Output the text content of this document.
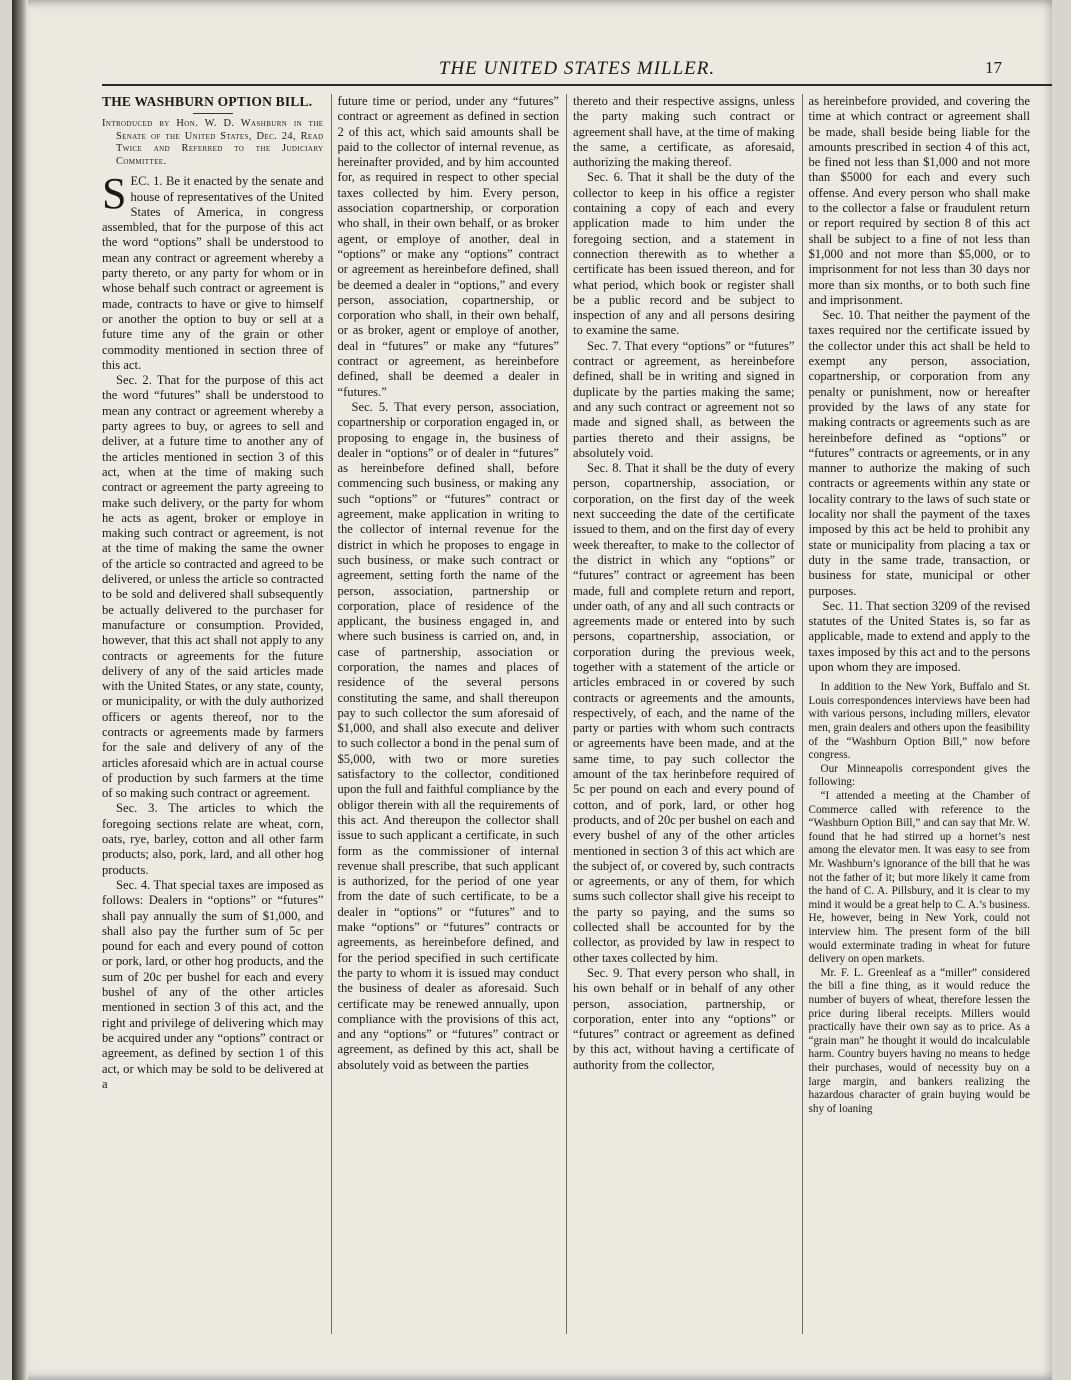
THE UNITED STATES MILLER.	17
THE WASHBURN OPTION BILL.
Introduced by Hon. W. D. Washburn in the Senate of the United States, Dec. 24, Read Twice and Referred to the Judiciary Committee.
S EC. 1. Be it enacted by the senate and house of representatives of the United States of America, in congress assembled, that for the purpose of this act the word “options” shall be understood to mean any contract or agreement whereby a party thereto, or any party for whom or in whose behalf such contract or agreement is made, contracts to have or give to himself or another the option to buy or sell at a future time any of the grain or other commodity mentioned in section three of this act.

Sec. 2. That for the purpose of this act the word “futures” shall be understood to mean any contract or agreement whereby a party agrees to buy, or agrees to sell and deliver, at a future time to another any of the articles mentioned in section 3 of this act, when at the time of making such contract or agreement the party agreeing to make such delivery, or the party for whom he acts as agent, broker or employe in making such contract or agreement, is not at the time of making the same the owner of the article so contracted and agreed to be delivered, or unless the article so contracted to be sold and delivered shall subsequently be actually delivered to the purchaser for manufacture or consumption. Provided, however, that this act shall not apply to any contracts or agreements for the future delivery of any of the said articles made with the United States, or any state, county, or municipality, or with the duly authorized officers or agents thereof, nor to the contracts or agreements made by farmers for the sale and delivery of any of the articles aforesaid which are in actual course of production by such farmers at the time of so making such contract or agreement.

Sec. 3. The articles to which the foregoing sections relate are wheat, corn, oats, rye, barley, cotton and all other farm products; also, pork, lard, and all other hog products.

Sec. 4. That special taxes are imposed as follows: Dealers in “options” or “futures” shall pay annually the sum of $1,000, and shall also pay the further sum of 5c per pound for each and every pound of cotton or pork, lard, or other hog products, and the sum of 20c per bushel for each and every bushel of any of the other articles mentioned in section 3 of this act, and the right and privilege of delivering which may be acquired under any “options” contract or agreement, as defined by section 1 of this act, or which may be sold to be delivered at a

future time or period, under any “futures” contract or agreement as defined in section 2 of this act, which said amounts shall be paid to the collector of internal revenue, as hereinafter provided, and by him accounted for, as required in respect to other special taxes collected by him. Every person, association copartnership, or corporation who shall, in their own behalf, or as broker agent, or employe of another, deal in “options” or make any “options” contract or agreement as hereinbefore defined, shall be deemed a dealer in “options,” and every person, association, copartnership, or corporation who shall, in their own behalf, or as broker, agent or employe of another, deal in “futures” or make any “futures” contract or agreement, as hereinbefore defined, shall be deemed a dealer in “futures.”

Sec. 5. That every person, association, copartnership or corporation engaged in, or proposing to engage in, the business of dealer in “options” or of dealer in “futures” as hereinbefore defined shall, before commencing such business, or making any such “options” or “futures” contract or agreement, make application in writing to the collector of internal revenue for the district in which he proposes to engage in such business, or make such contract or agreement, setting forth the name of the person, association, partnership or corporation, place of residence of the applicant, the business engaged in, and where such business is carried on, and, in case of partnership, association or corporation, the names and places of residence of the several persons constituting the same, and shall thereupon pay to such collector the sum aforesaid of $1,000, and shall also execute and deliver to such collector a bond in the penal sum of $5,000, with two or more sureties satisfactory to the collector, conditioned upon the full and faithful compliance by the obligor therein with all the requirements of this act. And thereupon the collector shall issue to such applicant a certificate, in such form as the commissioner of internal revenue shall prescribe, that such applicant is authorized, for the period of one year from the date of such certificate, to be a dealer in “options” or “futures” and to make “options” or “futures” contracts or agreements, as hereinbefore defined, and for the period specified in such certificate the party to whom it is issued may conduct the business of dealer as aforesaid. Such certificate may be renewed annually, upon compliance with the provisions of this act, and any “options” or “futures” contract or agreement, as defined by this act, shall be absolutely void as between the parties

thereto and their respective assigns, unless the party making such contract or agreement shall have, at the time of making the same, a certificate, as aforesaid, authorizing the making thereof.

Sec. 6. That it shall be the duty of the collector to keep in his office a register containing a copy of each and every application made to him under the foregoing section, and a statement in connection therewith as to whether a certificate has been issued thereon, and for what period, which book or register shall be a public record and be subject to inspection of any and all persons desiring to examine the same.

Sec. 7. That every “options” or “futures” contract or agreement, as hereinbefore defined, shall be in writing and signed in duplicate by the parties making the same; and any such contract or agreement not so made and signed shall, as between the parties thereto and their assigns, be absolutely void.

Sec. 8. That it shall be the duty of every person, copartnership, association, or corporation, on the first day of the week next succeeding the date of the certificate issued to them, and on the first day of every week thereafter, to make to the collector of the district in which any “options” or “futures” contract or agreement has been made, full and complete return and report, under oath, of any and all such contracts or agreements made or entered into by such persons, copartnership, association, or corporation during the previous week, together with a statement of the article or articles embraced in or covered by such contracts or agreements and the amounts, respectively, of each, and the name of the party or parties with whom such contracts or agreements have been made, and at the same time, to pay such collector the amount of the tax herinbefore required of 5c per pound on each and every pound of cotton, and of pork, lard, or other hog products, and of 20c per bushel on each and every bushel of any of the other articles mentioned in section 3 of this act which are the subject of, or covered by, such contracts or agreements, or any of them, for which sums such collector shall give his receipt to the party so paying, and the sums so collected shall be accounted for by the collector, as provided by law in respect to other taxes collected by him.

Sec. 9. That every person who shall, in his own behalf or in behalf of any other person, association, partnership, or corporation, enter into any “options” or “futures” contract or agreement as defined by this act, without having a certificate of authority from the collector,

as hereinbefore provided, and covering the time at which contract or agreement shall be made, shall beside being liable for the amounts prescribed in section 4 of this act, be fined not less than $1,000 and not more than $5000 for each and every such offense. And every person who shall make to the collector a false or fraudulent return or report required by section 8 of this act shall be subject to a fine of not less than $1,000 and not more than $5,000, or to imprisonment for not less than 30 days nor more than six months, or to both such fine and imprisonment.

Sec. 10. That neither the payment of the taxes required nor the certificate issued by the collector under this act shall be held to exempt any person, association, copartnership, or corporation from any penalty or punishment, now or hereafter provided by the laws of any state for making contracts or agreements such as are hereinbefore defined as “options” or “futures” contracts or agreements, or in any manner to authorize the making of such contracts or agreements within any state or locality contrary to the laws of such state or locality nor shall the payment of the taxes imposed by this act be held to prohibit any state or municipality from placing a tax or duty in the same trade, transaction, or business for state, municipal or other purposes.

Sec. 11. That section 3209 of the revised statutes of the United States is, so far as applicable, made to extend and apply to the taxes imposed by this act and to the persons upon whom they are imposed.

In addition to the New York, Buffalo and St. Louis correspondences interviews have been had with various persons, including millers, elevator men, grain dealers and others upon the feasibility of the “Washburn Option Bill,” now before congress.

Our Minneapolis correspondent gives the following:

“I attended a meeting at the Chamber of Commerce called with reference to the “Washburn Option Bill,” and can say that Mr. W. found that he had stirred up a hornet’s nest among the elevator men. It was easy to see from Mr. Washburn’s ignorance of the bill that he was not the father of it; but more likely it came from the hand of C. A. Pillsbury, and it is clear to my mind it would be a great help to C. A.’s business. He, however, being in New York, could not interview him. The present form of the bill would exterminate trading in wheat for future delivery on open markets.

Mr. F. L. Greenleaf as a “miller” considered the bill a fine thing, as it would reduce the number of buyers of wheat, therefore lessen the price during liberal receipts. Millers would practically have their own say as to price. As a “grain man” he thought it would do incalculable harm. Country buyers having no means to hedge their purchases, would of necessity buy on a large margin, and bankers realizing the hazardous character of grain buying would be shy of loaning
